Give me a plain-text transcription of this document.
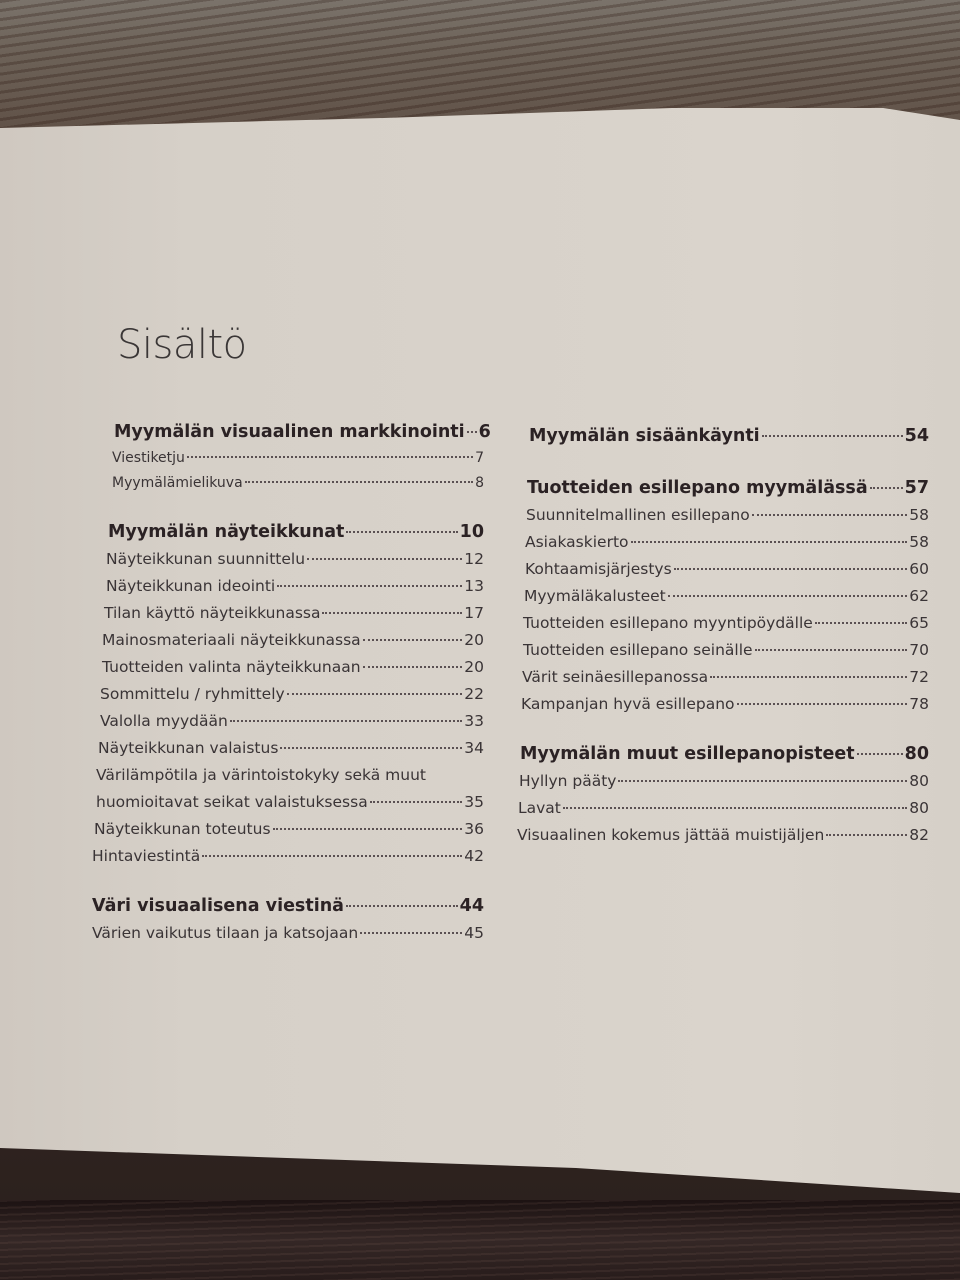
Sisältö
Myymälän visuaalinen markkinointi 6
Viestiketju	7
Myymälämielikuva	8
Myymälän näyteikkunat	10
Näyteikkunan suunnittelu	12
Näyteikkunan ideointi	13
Tilan käyttö näyteikkunassa	17
Mainosmateriaali näyteikkunassa	20
Tuotteiden valinta näyteikkunaan	20
Sommittelu / ryhmittely	22
Valolla myydään	33
Näyteikkunan valaistus	34
Värilämpötila ja värintoistokyky sekä muut
huomioitavat seikat valaistuksessa	35
Näyteikkunan toteutus	36
Hintaviestintä	42
Väri visuaalisena viestinä	44
Värien vaikutus tilaan ja katsojaan	45
Myymälän sisäänkäynti	54
Tuotteiden esillepano myymälässä 57
Suunnitelmallinen esillepano	58
Asiakaskierto	58
Kohtaamisjärjestys	60
Myymäläkalusteet	62
Tuotteiden esillepano myyntipöydälle	65
Tuotteiden esillepano seinälle	70
Värit seinäesillepanossa	72
Kampanjan hyvä esillepano	78
Myymälän muut esillepanopisteet	80
Hyllyn pääty	80
Lavat	80
Visuaalinen kokemus jättää muistijäljen	82
